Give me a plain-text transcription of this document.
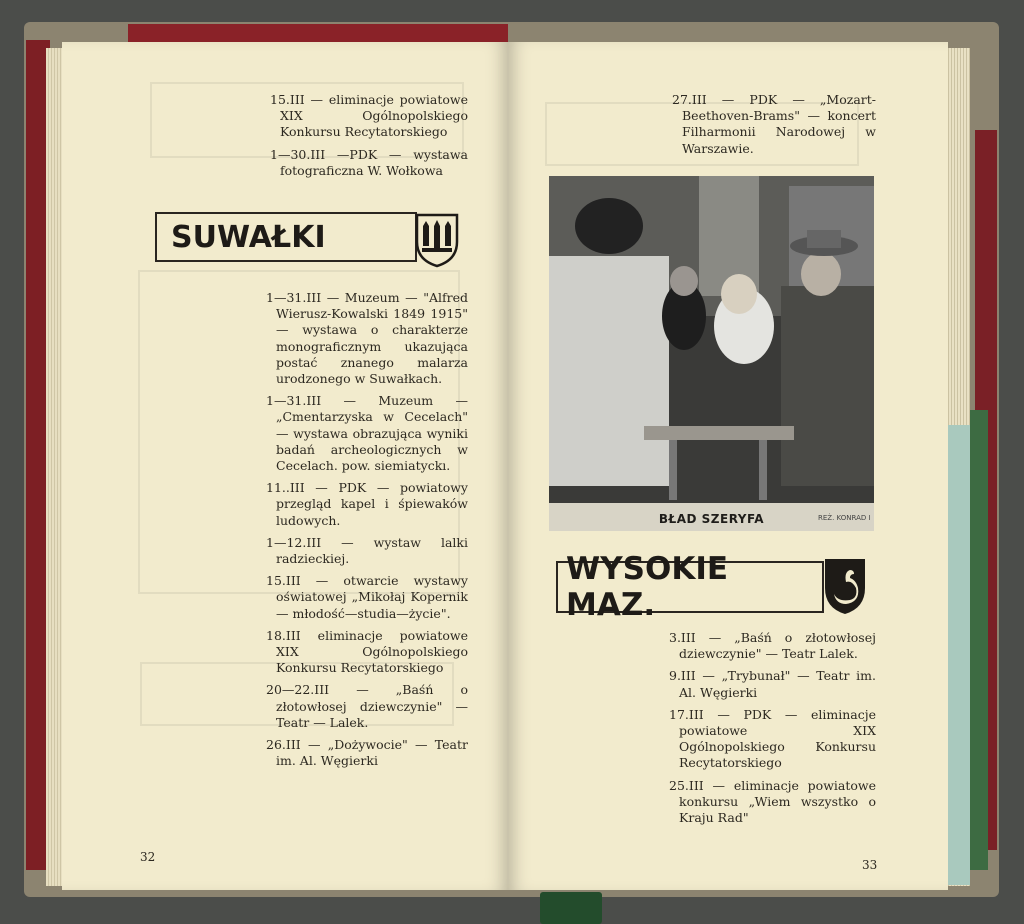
15.III — eliminacje powiatowe XIX Ogólnopolskiego Konkursu Recytatorskiego

1—30.III —PDK — wystawa fotograficzna W. Wołkowa

SUWAŁKI

1—31.III — Muzeum — "Alfred Wierusz-Kowalski 1849 1915" — wystawa o charakterze monograficznym ukazująca postać znanego malarza urodzonego w Suwałkach.

1—31.III — Muzeum — „Cmentarzyska w Cecelach" — wystawa obrazująca wyniki badań archeologicznych w Cecelach. pow. siemiatyckı.

11..III — PDK — powiatowy przegląd kapel i śpiewaków ludowych.

1—12.III — wystaw lalki radzieckiej.

15.III — otwarcie wystawy oświatowej „Mikołaj Kopernik — młodość—studia—życie".

18.III eliminacje powiatowe XIX Ogólnopolskiego Konkursu Recytatorskiego

20—22.III — „Baśń o złotowłosej dziewczynie" — Teatr — Lalek.

26.III — „Dożywocie" — Teatr im. Al. Węgierki

32

27.III — PDK — „Mozart-Beethoven-Brams" — koncert Filharmonii Narodowej w Warszawie.

BŁAD SZERYFA	REŻ. KONRAD I
WYSOKIE MAZ.

3.III — „Baśń o złotowłosej dziewczynie" — Teatr Lalek.

9.III — „Trybunał" — Teatr im. Al. Węgierki

17.III — PDK — eliminacje powiatowe XIX Ogólnopolskiego Konkursu Recytatorskiego

25.III — eliminacje powiatowe konkursu „Wiem wszystko o Kraju Rad"

33
